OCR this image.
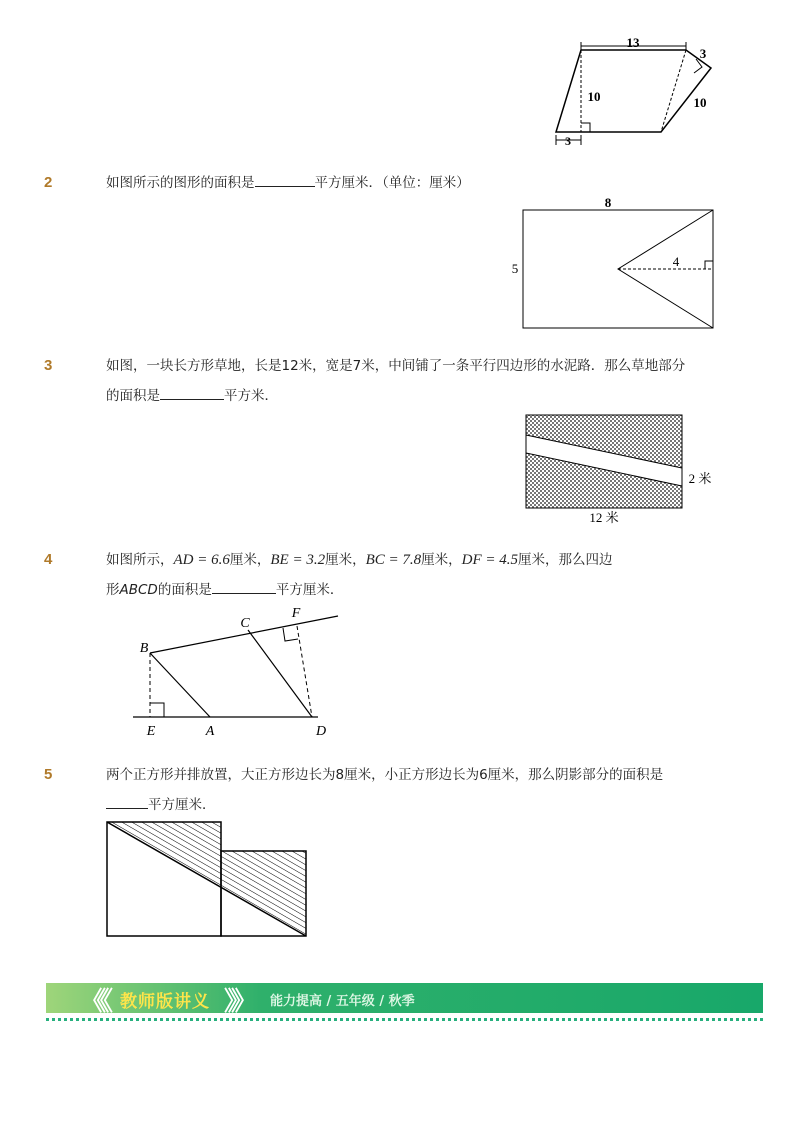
13
3
10
10
3
2	如图所示的图形的面积是	平方厘米．（单位：厘米）
8
5	4
3	如图，一块长方形草地，长是12米，宽是7米，中间铺了一条平行四边形的水泥路．那么草地部分
的面积是	平方米．
2 米
12 米
4	如图所示，AD = 6.6厘米，BE = 3.2厘米，BC = 7.8厘米，DF = 4.5厘米，那么四边
形ABCD的面积是	平方厘米．
B
C
F
E	A	D
5	两个正方形并排放置，大正方形边长为8厘米，小正方形边长为6厘米，那么阴影部分的面积是
平方厘米．
《《 教师版讲义 》》 能力提高 / 五年级 / 秋季
